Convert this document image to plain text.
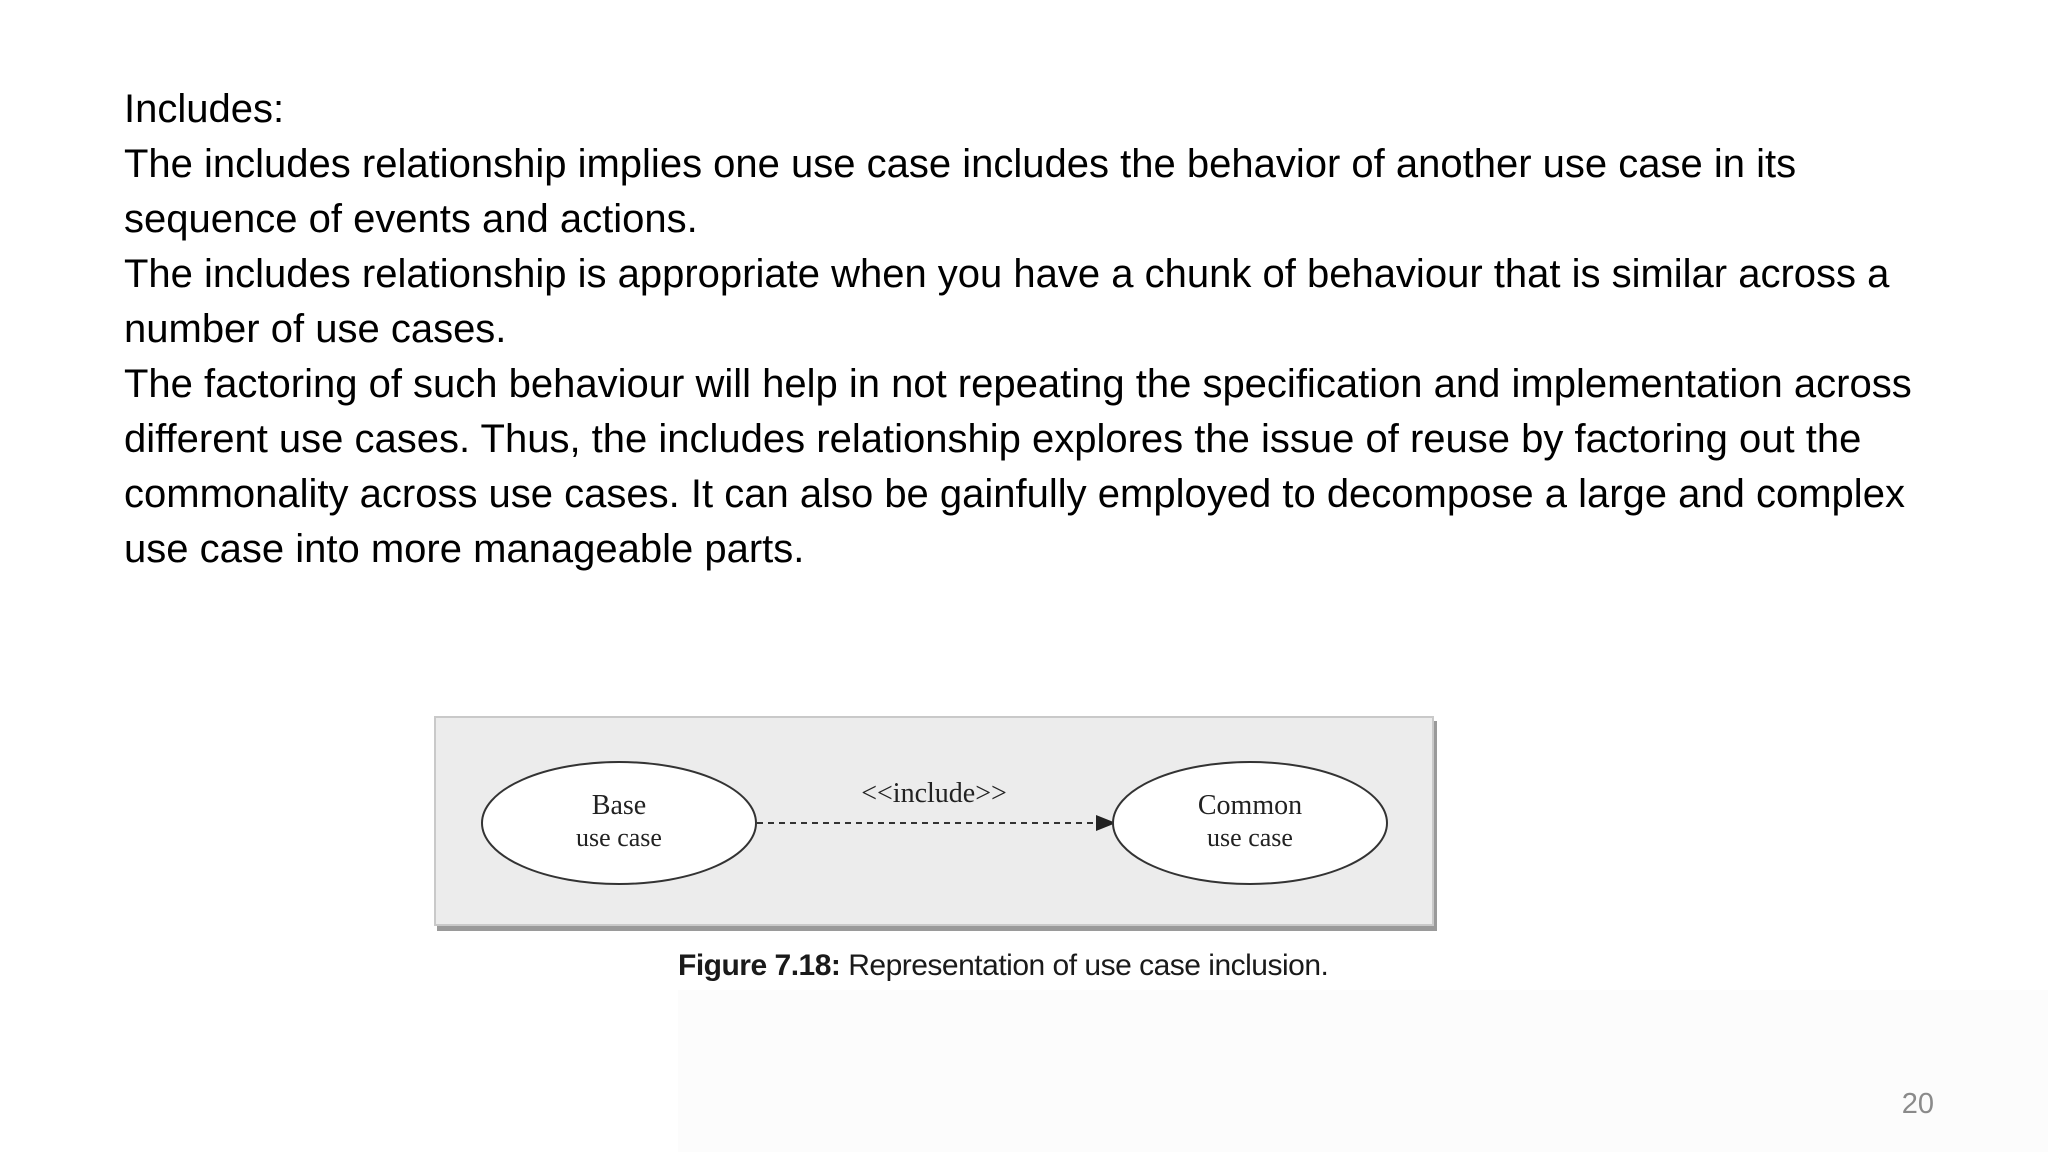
Includes:

The includes relationship implies one use case includes the behavior of another use case in its sequence of events and actions.

The includes relationship is appropriate when you have a chunk of behaviour that is similar across a number of use cases.

The factoring of such behaviour will help in not repeating the specification and implementation across different use cases. Thus, the includes relationship explores the issue of reuse by factoring out the commonality across use cases. It can also be gainfully employed to decompose a large and complex use case into more manageable parts.

Base
use case
<<include>>	Common
use case
Figure 7.18: Representation of use case inclusion.
20
